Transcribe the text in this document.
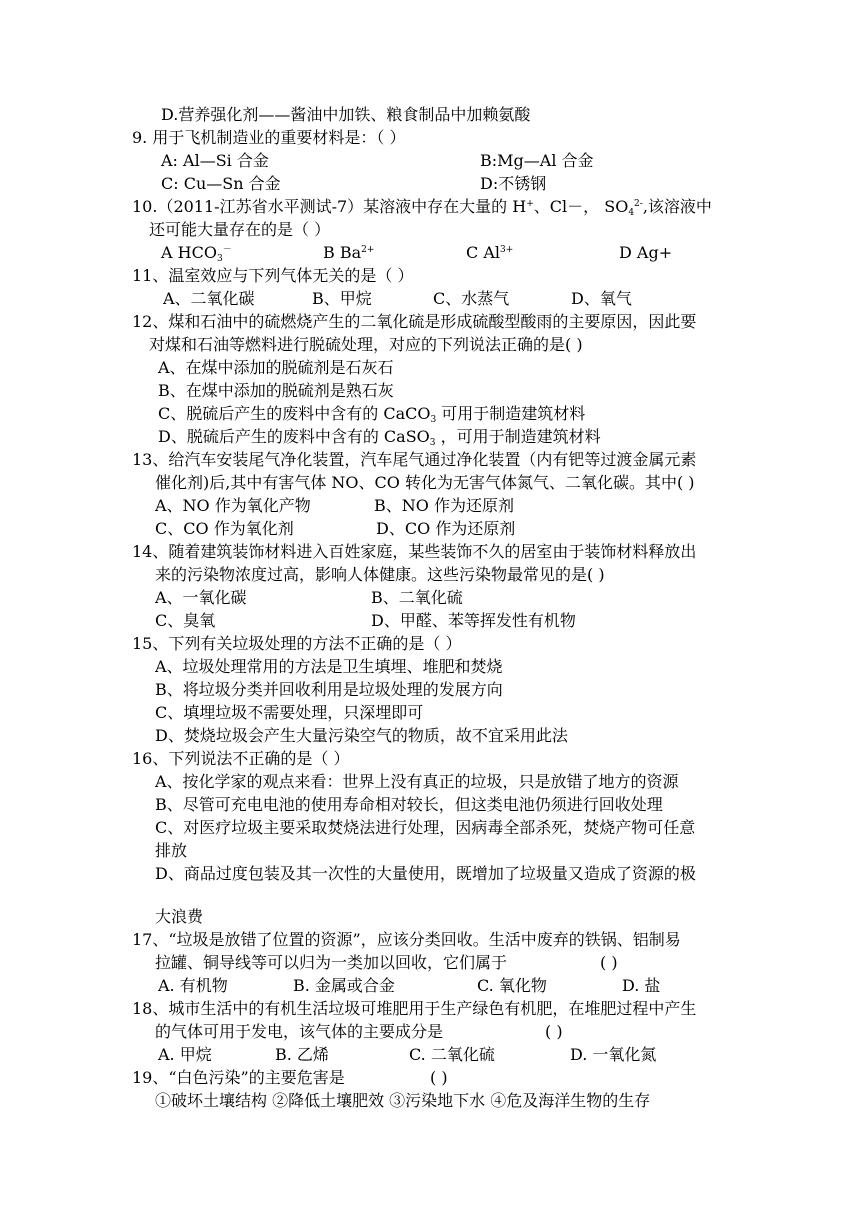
D.营养强化剂——酱油中加铁、粮食制品中加赖氨酸
9. 用于飞机制造业的重要材料是：（ ）
A: Al—Si 合金	B:Mg—Al 合金
C: Cu—Sn 合金	D:不锈钢
10.（2011-江苏省水平测试-7）某溶液中存在大量的 H+、Cl－， $SO_4^{2-}$,该溶液中
还可能大量存在的是（ ）
A $HCO_3^-$	B $Ba^{2+}$	C $Al^{3+}$	D Ag+
11、温室效应与下列气体无关的是（ ）
A、二氧化碳	B、甲烷	C、水蒸气	D、氧气
12、煤和石油中的硫燃烧产生的二氧化硫是形成硫酸型酸雨的主要原因，因此要
对煤和石油等燃料进行脱硫处理，对应的下列说法正确的是( )
A、在煤中添加的脱硫剂是石灰石
B、在煤中添加的脱硫剂是熟石灰
C、脱硫后产生的废料中含有的 CaCO$_3$ 可用于制造建筑材料
D、脱硫后产生的废料中含有的 CaSO$_3$ ，可用于制造建筑材料
13、给汽车安装尾气净化装置，汽车尾气通过净化装置（内有钯等过渡金属元素
催化剂)后,其中有害气体 NO、CO 转化为无害气体氮气、二氧化碳。其中( )
A、NO 作为氧化产物	B、NO 作为还原剂
C、CO 作为氧化剂	D、CO 作为还原剂
14、随着建筑装饰材料进入百姓家庭，某些装饰不久的居室由于装饰材料释放出
来的污染物浓度过高，影响人体健康。这些污染物最常见的是( )
A、一氧化碳	B、二氧化硫
C、臭氧	D、甲醛、苯等挥发性有机物
15、下列有关垃圾处理的方法不正确的是（ ）
A、垃圾处理常用的方法是卫生填埋、堆肥和焚烧
B、将垃圾分类并回收利用是垃圾处理的发展方向
C、填埋垃圾不需要处理，只深埋即可
D、焚烧垃圾会产生大量污染空气的物质，故不宜采用此法
16、下列说法不正确的是（ ）
A、按化学家的观点来看：世界上没有真正的垃圾，只是放错了地方的资源
B、尽管可充电电池的使用寿命相对较长，但这类电池仍须进行回收处理
C、对医疗垃圾主要采取焚烧法进行处理，因病毒全部杀死，焚烧产物可任意
排放
D、商品过度包装及其一次性的大量使用，既增加了垃圾量又造成了资源的极
大浪费
17、“垃圾是放错了位置的资源”，应该分类回收。生活中废弃的铁锅、铝制易
拉罐、铜导线等可以归为一类加以回收，它们属于	( )
A. 有机物	B. 金属或合金	C. 氧化物	D. 盐
18、城市生活中的有机生活垃圾可堆肥用于生产绿色有机肥，在堆肥过程中产生
的气体可用于发电，该气体的主要成分是	( )
A. 甲烷	B. 乙烯	C. 二氧化硫	D. 一氧化氮
19、“白色污染”的主要危害是	( )
①破坏土壤结构 ②降低土壤肥效 ③污染地下水 ④危及海洋生物的生存
